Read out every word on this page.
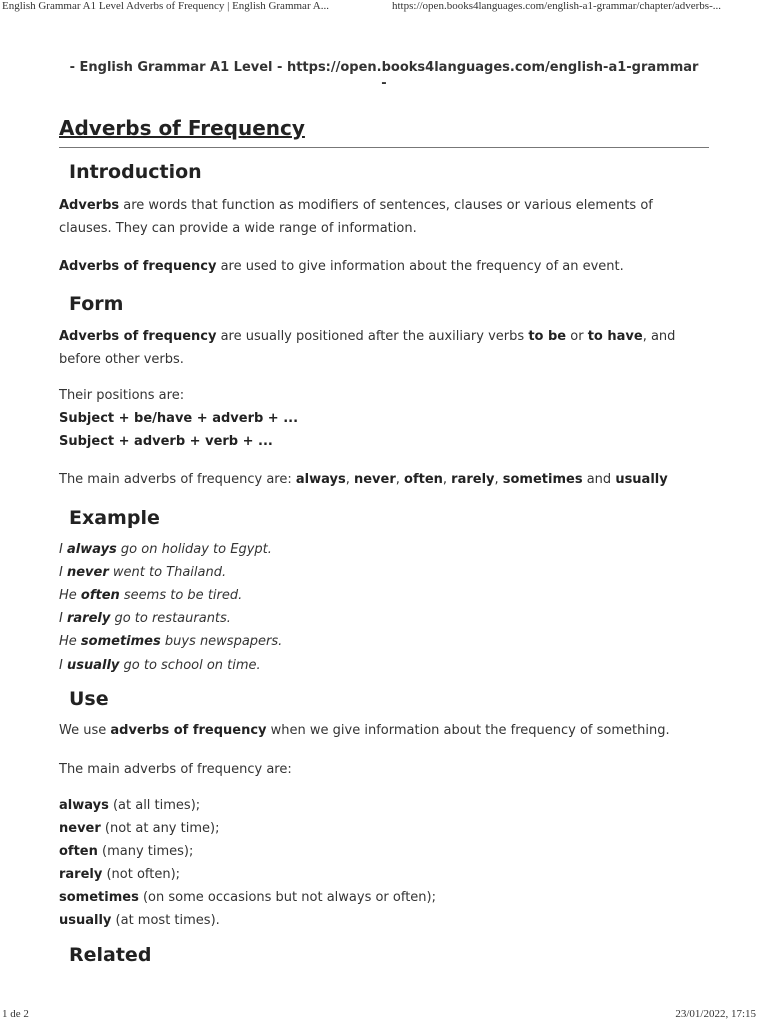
English Grammar A1 Level Adverbs of Frequency | English Grammar A...	https://open.books4languages.com/english-a1-grammar/chapter/adverbs-...
- English Grammar A1 Level - https://open.books4languages.com/english-a1-grammar
-
Adverbs of Frequency
Introduction

Adverbs are words that function as modifiers of sentences, clauses or various elements of clauses. They can provide a wide range of information.

Adverbs of frequency are used to give information about the frequency of an event.

Form

Adverbs of frequency are usually positioned after the auxiliary verbs to be or to have, and before other verbs.

Their positions are:

Subject + be/have + adverb + ...

Subject + adverb + verb + ...

The main adverbs of frequency are: always, never, often, rarely, sometimes and usually

Example

I always go on holiday to Egypt.

I never went to Thailand.

He often seems to be tired.

I rarely go to restaurants.

He sometimes buys newspapers.

I usually go to school on time.

Use

We use adverbs of frequency when we give information about the frequency of something.

The main adverbs of frequency are:

always (at all times);

never (not at any time);

often (many times);

rarely (not often);

sometimes (on some occasions but not always or often);

usually (at most times).

Related
1 de 2	23/01/2022, 17:15
